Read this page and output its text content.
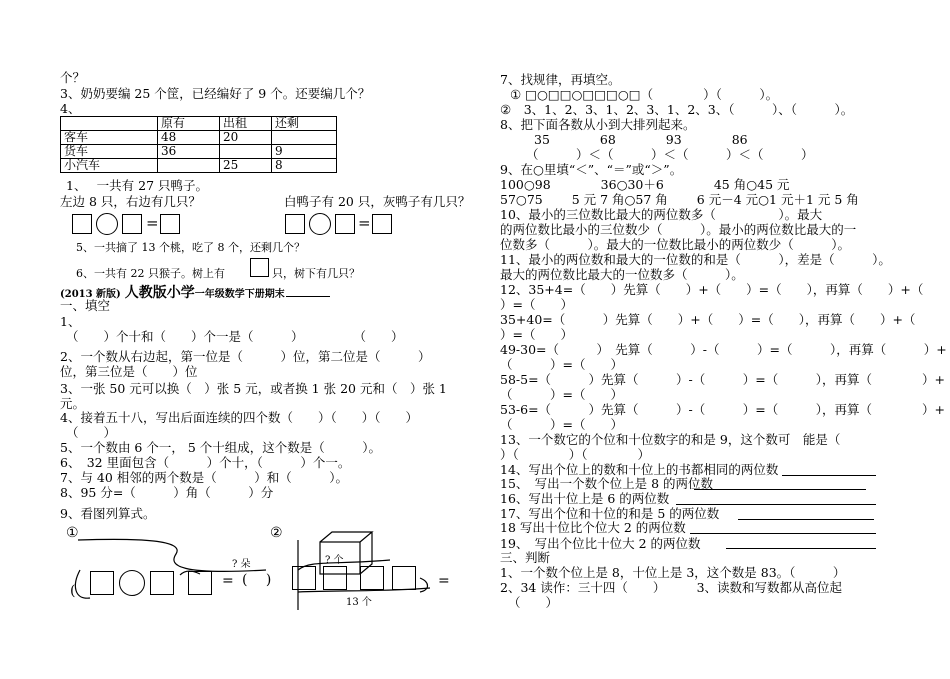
个？
3、奶奶要编 25 个筐，已经编好了 9 个。还要编几个？
4、
	原有	出租	还剩
客车	48	20	
货车	36		9
小汽车		25	8
1、　 一共有 27 只鸭子。
左边 8 只，右边有几只？	白鸭子有 20 只，灰鸭子有几只？
=	=
5、一共摘了 13 个桃，吃了 8 个，还剩几个？
6、一共有 22 只猴子。树上有	只，树下有几只？
(2013 新版) 人教版小学一年级数学下册期末
一、填空
1、
（　　）个十和（　　）个一是（　　　）　　　　　（　　）
2、一个数从右边起，第一位是（　　　）位，第二位是（　　　）
位，第三位是（　　）位
3、一张 50 元可以换（　）张 5 元，或者换 1 张 20 元和（　）张 1
元。
4、接着五十八，写出后面连续的四个数（　　）（　　）（　　）
（　　）
5、一个数由 6 个一， 5 个十组成，这个数是（　　　）。
6、　32 里面包含（　　　）个十，（　　　）个一。
7、与 40 相邻的两个数是（　　　）和（　　　）。
8、95 分=（　　　）角（　　　）分
9、看图列算式。
①
? 朵
(
= (　 )
②
? 个
13 个
=
7、找规律，再填空。
① □○□□○□□□○□（　　　　）（　　　）。
②　3、1、2、3、1、2、3、1、2、3、（　　　）、（　　　）。
8、把下面各数从小到大排列起来。
35　　　　68　　　　93　　　　86
（　　　）＜（　　　）＜（　　　）＜（　　　）
9、在○里填“＜”、“＝”或“＞”。
100○98　　　　36○30＋6　　　　45 角○45 元
57○75　　 5 元 7 角○57 角　　 6 元－4 元○1 元＋1 元 5 角
10、最小的三位数比最大的两位数多（　　　　　）。最大
的两位数比最小的三位数少（　　　）。最小的两位数比最大的一
位数多（　　　）。最大的一位数比最小的两位数少（　　　）。
11、最小的两位数和最大的一位数的和是（　　　），差是（　　　）。
最大的两位数比最大的一位数多（　　　）。
12、35+4=（　　）先算（　　）+（　　）=（　　），再算（　　）+（
）=（　　）
35+40=（　　　）先算（　　）+（　　）=（　　），再算（　　）+（
）=（　　）
49-30=（　　　）　先算（　　　）-（　　　）=（　　　），再算（　　　）+
（　　　）=（　　）
58-5=（　　　）先算（　　　）-（　　　）=（　　　），再算（　　　　）+
（　　　）=（　　）
53-6=（　　　）先算（　　　）-（　　　）=（　　　），再算（　　　　）+
（　　　）=（　　）
13、一个数它的个位和十位数字的和是 9，这个数可　能是（
）（　　　　）（　　　　）
14、写出个位上的数和十位上的书都相同的两位数
15、　写出一个数个位上是 8 的两位数
16、写出十位上是 6 的两位数
17、写出个位和十位的和是 5 的两位数
18 写出十位比个位大 2 的两位数
19、　写出个位比十位大 2 的两位数
三、判断
1、一个数个位上是 8，十位上是 3，这个数是 83。（　　　）
2、34 读作：三十四（　　）　　　3、读数和写数都从高位起
（　　）
